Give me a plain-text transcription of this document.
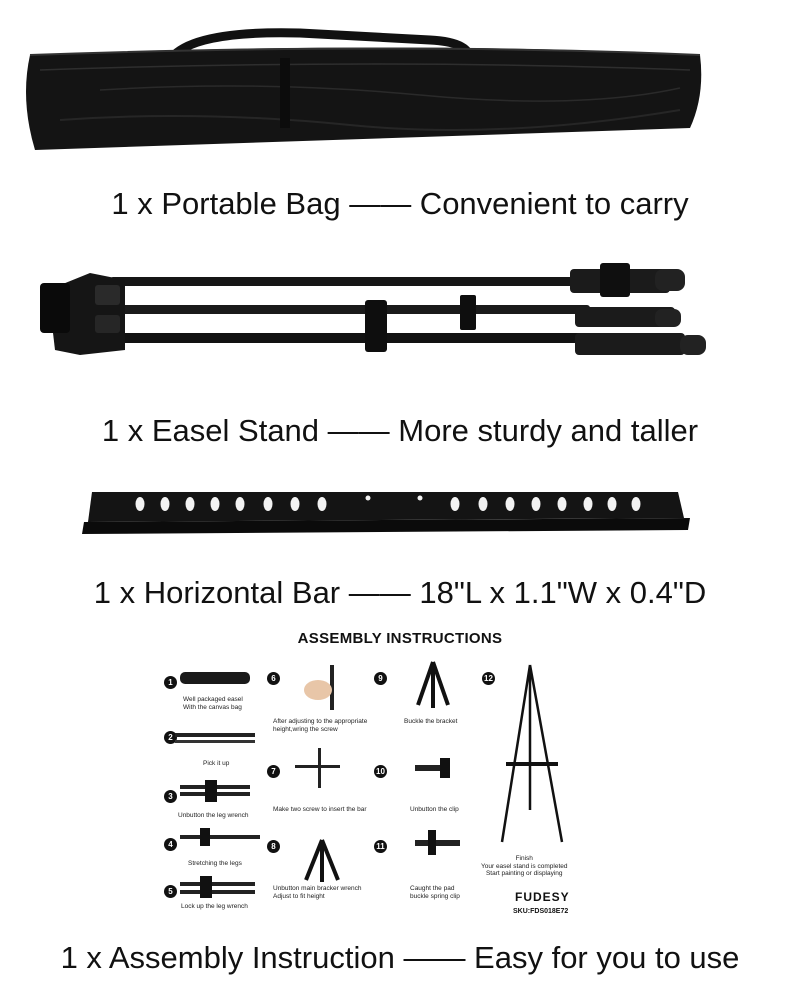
1 x Portable Bag —— Convenient to carry
1 x Easel Stand —— More sturdy and taller
1 x Horizontal Bar —— 18"L x 1.1"W x 0.4"D
ASSEMBLY INSTRUCTIONS
1
Well packaged easel
With the canvas bag
2
Pick it up
3
Unbutton the leg wrench
4
Stretching the legs
5
Lock up the leg wrench
6
After adjusting to the appropriate
height,wring the screw
7
Make two screw to insert the bar
8
Unbutton main bracker wrench
Adjust to fit height
9
Buckle the bracket
10
Unbutton the clip
11
Caught the pad
buckle spring clip
12
Finish
Your easel stand is completed
Start painting or displaying
FUDESY
SKU:FDS018E72
1 x Assembly Instruction —— Easy for you to use
